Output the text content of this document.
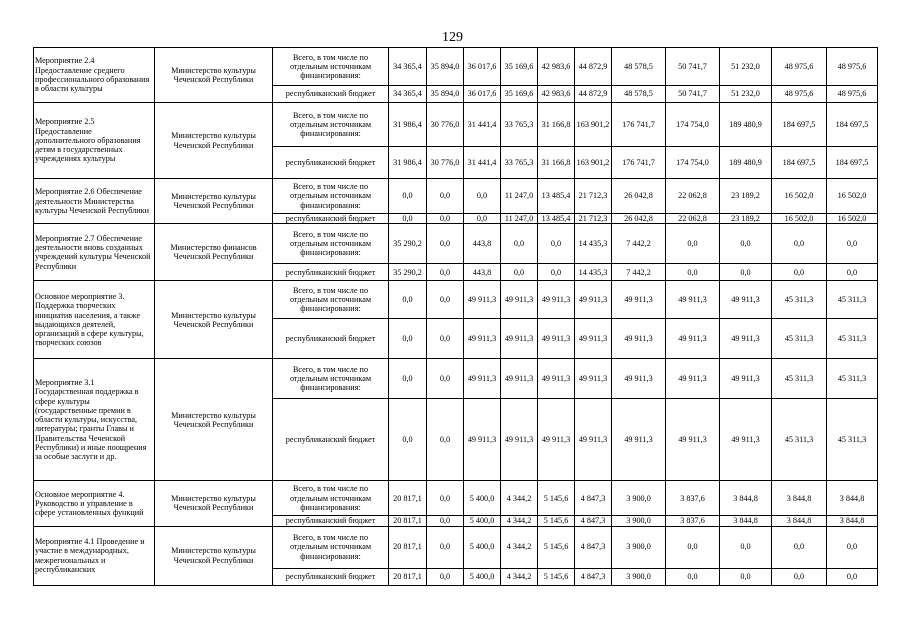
129
Мероприятие 2.4 Предоставление среднего профессионального образования в области культуры	Министерство культуры Чеченской Республики	Всего, в том числе по отдельным источникам финансирования:	34 365,4	35 894,0	36 017,6	35 169,6	42 983,6	44 872,9	48 578,5	50 741,7	51 232,0	48 975,6	48 975,6
		республиканский бюджет	34 365,4	35 894,0	36 017,6	35 169,6	42 983,6	44 872,9	48 578,5	50 741,7	51 232,0	48 975,6	48 975,6
Мероприятие 2.5 Предоставление дополнительного образования детям в государственных учреждениях культуры	Министерство культуры Чеченской Республики	Всего, в том числе по отдельным источникам финансирования:	31 986,4	30 776,0	31 441,4	33 765,3	31 166,8	163 901,2	176 741,7	174 754,0	189 480,9	184 697,5	184 697,5
		республиканский бюджет	31 986,4	30 776,0	31 441,4	33 765,3	31 166,8	163 901,2	176 741,7	174 754,0	189 480,9	184 697,5	184 697,5
Мероприятие 2.6 Обеспечение деятельности Министерства культуры Чеченской Республики	Министерство культуры Чеченской Республики	Всего, в том числе по отдельным источникам финансирования:	0,0	0,0	0,0	11 247,0	13 485,4	21 712,3	26 042,8	22 062,8	23 189,2	16 502,0	16 502,0
		республиканский бюджет	0,0	0,0	0,0	11 247,0	13 485,4	21 712,3	26 042,8	22 062,8	23 189,2	16 502,0	16 502,0
Мероприятие 2.7 Обеспечение деятельности вновь созданных учреждений культуры Чеченской Республики	Министерство финансов Чеченской Республики	Всего, в том числе по отдельным источникам финансирования:	35 290,2	0,0	443,8	0,0	0,0	14 435,3	7 442,2	0,0	0,0	0,0	0,0
		республиканский бюджет	35 290,2	0,0	443,8	0,0	0,0	14 435,3	7 442,2	0,0	0,0	0,0	0,0
Основное мероприятие 3. Поддержка творческих инициатив населения, а также выдающихся деятелей, организаций в сфере культуры, творческих союзов	Министерство культуры Чеченской Республики	Всего, в том числе по отдельным источникам финансирования:	0,0	0,0	49 911,3	49 911,3	49 911,3	49 911,3	49 911,3	49 911,3	49 911,3	45 311,3	45 311,3
		республиканский бюджет	0,0	0,0	49 911,3	49 911,3	49 911,3	49 911,3	49 911,3	49 911,3	49 911,3	45 311,3	45 311,3
Мероприятие 3.1 Государственная поддержка в сфере культуры (государственные премии в области культуры, искусства, литературы; гранты Главы и Правительства Чеченской Республики) и иные поощрения за особые заслуги и др.	Министерство культуры Чеченской Республики	Всего, в том числе по отдельным источникам финансирования:	0,0	0,0	49 911,3	49 911,3	49 911,3	49 911,3	49 911,3	49 911,3	49 911,3	45 311,3	45 311,3
		республиканский бюджет	0,0	0,0	49 911,3	49 911,3	49 911,3	49 911,3	49 911,3	49 911,3	49 911,3	45 311,3	45 311,3
Основное мероприятие 4. Руководство и управление в сфере установленных функций	Министерство культуры Чеченской Республики	Всего, в том числе по отдельным источникам финансирования:	20 817,1	0,0	5 400,0	4 344,2	5 145,6	4 847,3	3 900,0	3 837,6	3 844,8	3 844,8	3 844,8
		республиканский бюджет	20 817,1	0,0	5 400,0	4 344,2	5 145,6	4 847,3	3 900,0	3 837,6	3 844,8	3 844,8	3 844,8
Мероприятие 4.1 Проведение и участие в международных, межрегиональных и республиканских	Министерство культуры Чеченской Республики	Всего, в том числе по отдельным источникам финансирования:	20 817,1	0,0	5 400,0	4 344,2	5 145,6	4 847,3	3 900,0	0,0	0,0	0,0	0,0
		республиканский бюджет	20 817,1	0,0	5 400,0	4 344,2	5 145,6	4 847,3	3 900,0	0,0	0,0	0,0	0,0
